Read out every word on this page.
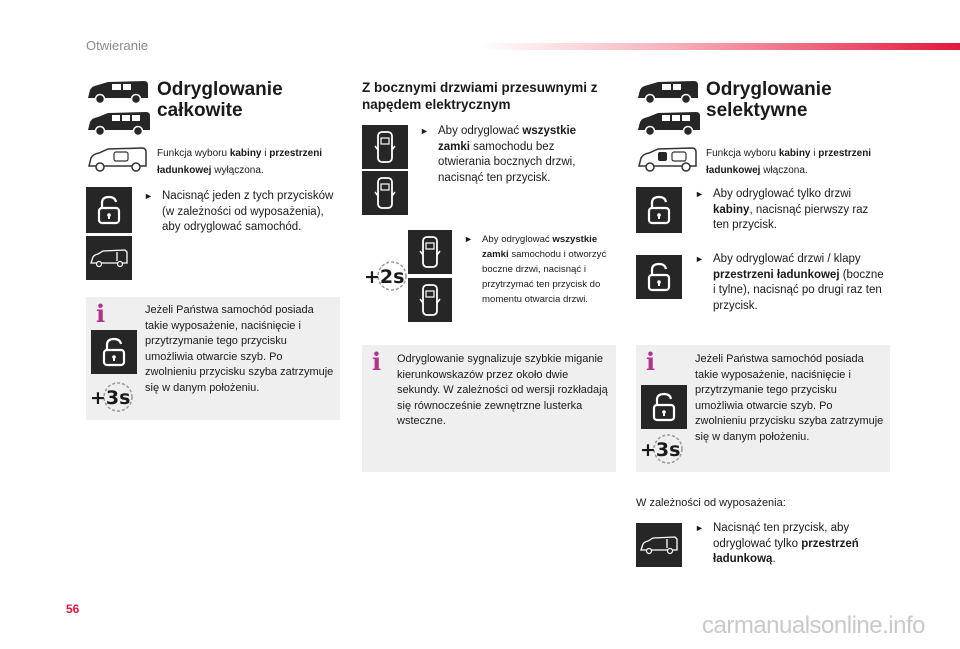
Otwieranie
Odryglowanie całkowite
Funkcja wyboru kabiny i przestrzeni ładunkowej wyłączona.
► Nacisnąć jeden z tych przycisków (w zależności od wyposażenia), aby odryglować samochód.
i
+3s
Jeżeli Państwa samochód posiada takie wyposażenie, naciśnięcie i przytrzymanie tego przycisku umożliwia otwarcie szyb. Po zwolnieniu przycisku szyba zatrzymuje się w danym położeniu.
Z bocznymi drzwiami przesuwnymi z napędem elektrycznym
► Aby odryglować wszystkie zamki samochodu bez otwierania bocznych drzwi, nacisnąć ten przycisk.
+2s
► Aby odryglować wszystkie zamki samochodu i otworzyć boczne drzwi, nacisnąć i przytrzymać ten przycisk do momentu otwarcia drzwi.
i Odryglowanie sygnalizuje szybkie miganie kierunkowskazów przez około dwie sekundy. W zależności od wersji rozkładają się równocześnie zewnętrzne lusterka wsteczne.
Odryglowanie selektywne
Funkcja wyboru kabiny i przestrzeni ładunkowej włączona.
► Aby odryglować tylko drzwi kabiny, nacisnąć pierwszy raz ten przycisk.
► Aby odryglować drzwi / klapy przestrzeni ładunkowej (boczne i tylne), nacisnąć po drugi raz ten przycisk.
i
+3s
Jeżeli Państwa samochód posiada takie wyposażenie, naciśnięcie i przytrzymanie tego przycisku umożliwia otwarcie szyb. Po zwolnieniu przycisku szyba zatrzymuje się w danym położeniu.
W zależności od wyposażenia:
► Nacisnąć ten przycisk, aby odryglować tylko przestrzeń ładunkową.
56
carmanualsonline.info
